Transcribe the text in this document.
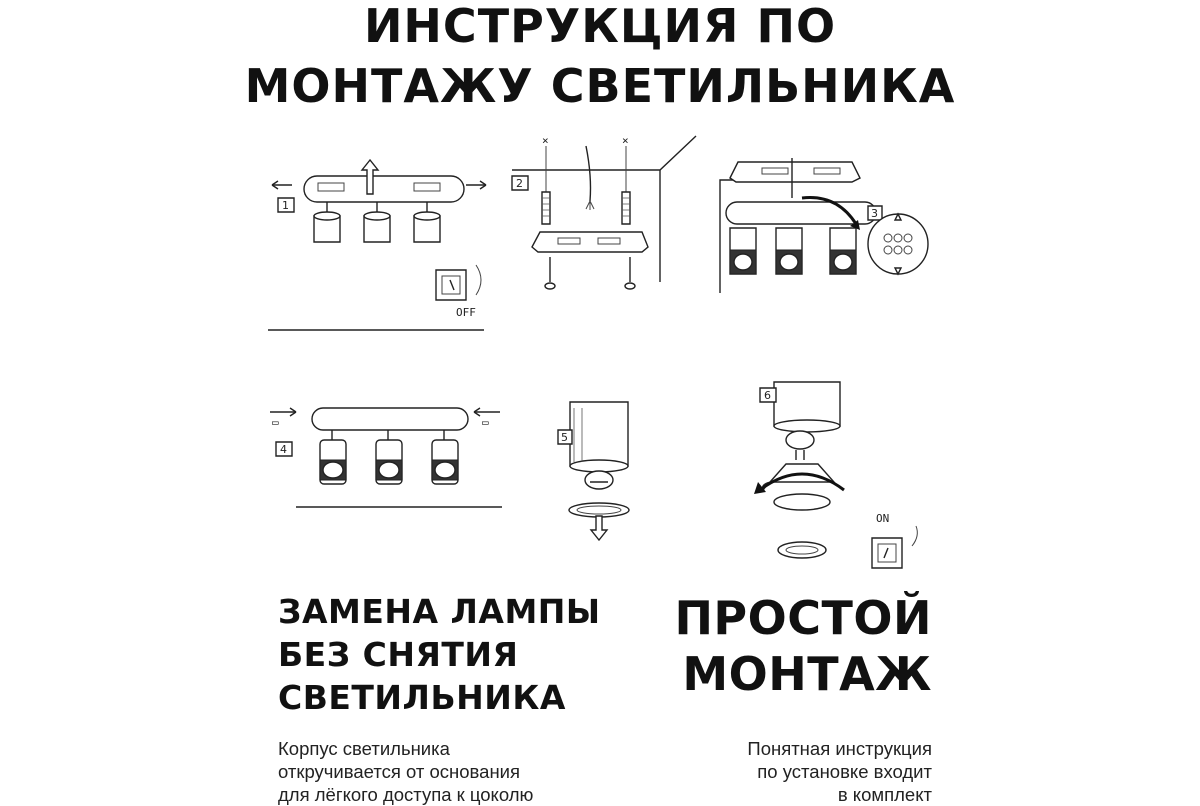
ИНСТРУКЦИЯ ПО
МОНТАЖУ СВЕТИЛЬНИКА
1
OFF
2
×	×
3
▭	▭
4
5
6
ON
ЗАМЕНА ЛАМПЫ
БЕЗ СНЯТИЯ
СВЕТИЛЬНИКА
Корпус светильника
откручивается от основания
для лёгкого доступа к цоколю
ПРОСТОЙ
МОНТАЖ
Понятная инструкция
по установке входит
в комплект
